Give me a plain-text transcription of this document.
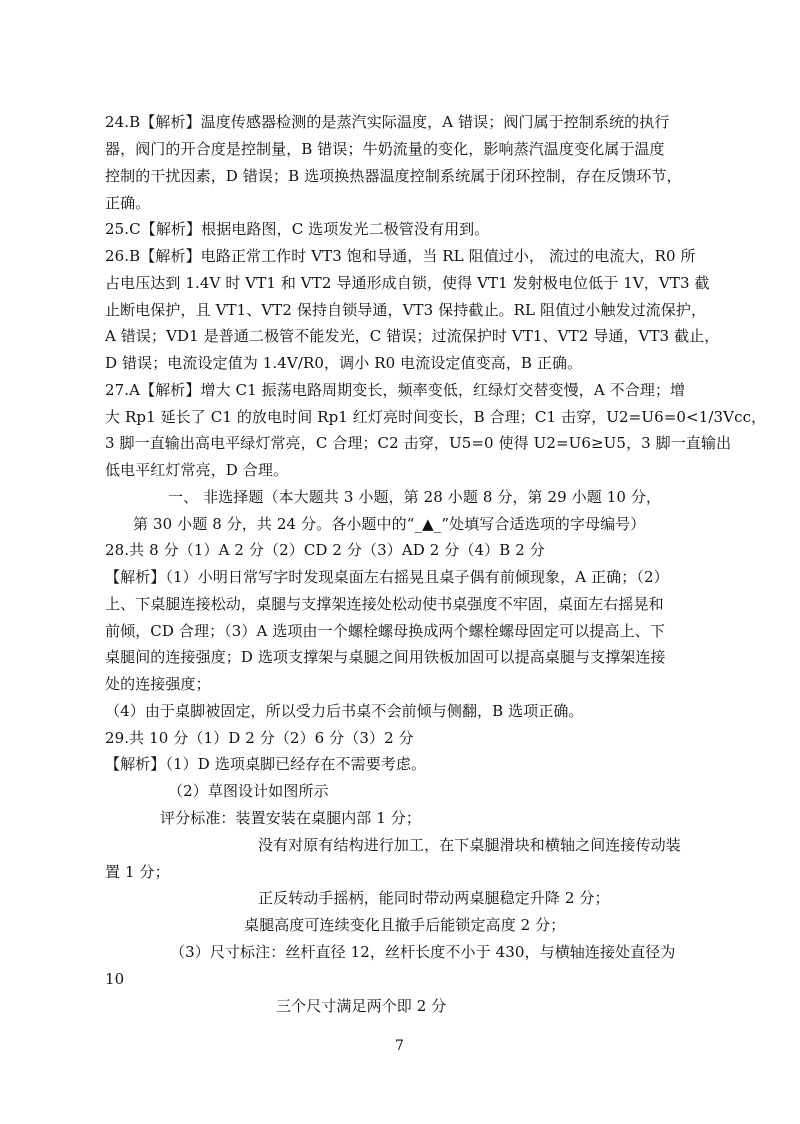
24.B【解析】温度传感器检测的是蒸汽实际温度，A 错误；阀门属于控制系统的执行
器，阀门的开合度是控制量，B 错误；牛奶流量的变化，影响蒸汽温度变化属于温度
控制的干扰因素，D 错误；B 选项换热器温度控制系统属于闭环控制，存在反馈环节，
正确。
25.C【解析】根据电路图，C 选项发光二极管没有用到。
26.B【解析】电路正常工作时 VT3 饱和导通，当 RL 阻值过小， 流过的电流大，R0 所
占电压达到 1.4V 时 VT1 和 VT2 导通形成自锁，使得 VT1 发射极电位低于 1V，VT3 截
止断电保护，且 VT1、VT2 保持自锁导通，VT3 保持截止。RL 阻值过小触发过流保护，
A 错误；VD1 是普通二极管不能发光，C 错误；过流保护时 VT1、VT2 导通，VT3 截止，
D 错误；电流设定值为 1.4V/R0，调小 R0 电流设定值变高，B 正确。
27.A【解析】增大 C1 振荡电路周期变长，频率变低，红绿灯交替变慢，A 不合理；增
大 Rp1 延长了 C1 的放电时间 Rp1 红灯亮时间变长，B 合理；C1 击穿，U2=U6=0<1/3Vcc，
3 脚一直输出高电平绿灯常亮，C 合理；C2 击穿，U5=0 使得 U2=U6≥U5，3 脚一直输出
低电平红灯常亮，D 合理。
一、 非选择题（本大题共 3 小题，第 28 小题 8 分，第 29 小题 10 分，
第 30 小题 8 分，共 24 分。各小题中的“_▲_”处填写合适选项的字母编号）
28.共 8 分（1）A 2 分（2）CD 2 分（3）AD 2 分（4）B 2 分
【解析】（1）小明日常写字时发现桌面左右摇晃且桌子偶有前倾现象，A 正确；（2）
上、下桌腿连接松动，桌腿与支撑架连接处松动使书桌强度不牢固，桌面左右摇晃和
前倾，CD 合理；（3）A 选项由一个螺栓螺母换成两个螺栓螺母固定可以提高上、下
桌腿间的连接强度；D 选项支撑架与桌腿之间用铁板加固可以提高桌腿与支撑架连接
处的连接强度；
（4）由于桌脚被固定，所以受力后书桌不会前倾与侧翻，B 选项正确。
29.共 10 分（1）D 2 分（2）6 分（3）2 分
【解析】（1）D 选项桌脚已经存在不需要考虑。
（2）草图设计如图所示
评分标准：装置安装在桌腿内部 1 分；
没有对原有结构进行加工，在下桌腿滑块和横轴之间连接传动装
置 1 分；
正反转动手摇柄，能同时带动两桌腿稳定升降 2 分；
桌腿高度可连续变化且撤手后能锁定高度 2 分；
（3）尺寸标注：丝杆直径 12，丝杆长度不小于 430，与横轴连接处直径为
10
三个尺寸满足两个即 2 分
7
